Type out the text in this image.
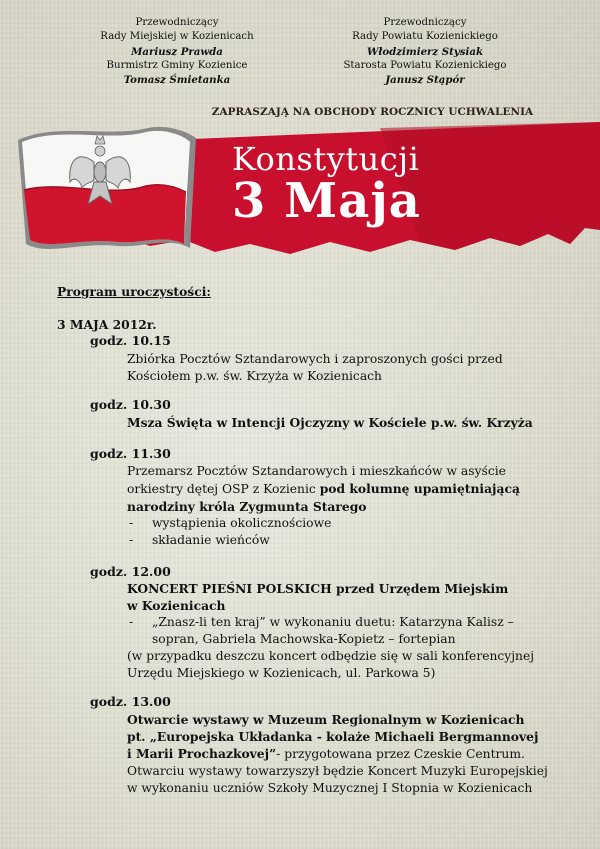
Przewodniczący
Rady Miejskiej w Kozienicach
Mariusz Prawda
Burmistrz Gminy Kozienice
Tomasz Śmietanka
Przewodniczący
Rady Powiatu Kozienickiego
Włodzimierz Stysiak
Starosta Powiatu Kozienickiego
Janusz Stąpór
ZAPRASZAJĄ NA OBCHODY ROCZNICY UCHWALENIA
Konstytucji
3 Maja
Program uroczystości:
3 MAJA 2012r.
godz. 10.15
Zbiórka Pocztów Sztandarowych i zaproszonych gości przed
Kościołem p.w. św. Krzyża w Kozienicach
godz. 10.30
Msza Święta w Intencji Ojczyzny w Kościele p.w. św. Krzyża
godz. 11.30
Przemarsz Pocztów Sztandarowych i mieszkańców w asyście
orkiestry dętej OSP z Kozienic pod kolumnę upamiętniającą
narodziny króla Zygmunta Starego
- wystąpienia okolicznościowe
- składanie wieńców
godz. 12.00
KONCERT PIEŚNI POLSKICH przed Urzędem Miejskim
w Kozienicach
- „Znasz-li ten kraj” w wykonaniu duetu: Katarzyna Kalisz –
sopran, Gabriela Machowska-Kopietz – fortepian
(w przypadku deszczu koncert odbędzie się w sali konferencyjnej
Urzędu Miejskiego w Kozienicach, ul. Parkowa 5)
godz. 13.00
Otwarcie wystawy w Muzeum Regionalnym w Kozienicach
pt. „Europejska Układanka - kolaże Michaeli Bergmannovej
i Marii Prochazkovej”- przygotowana przez Czeskie Centrum.
Otwarciu wystawy towarzyszył będzie Koncert Muzyki Europejskiej
w wykonaniu uczniów Szkoły Muzycznej I Stopnia w Kozienicach
